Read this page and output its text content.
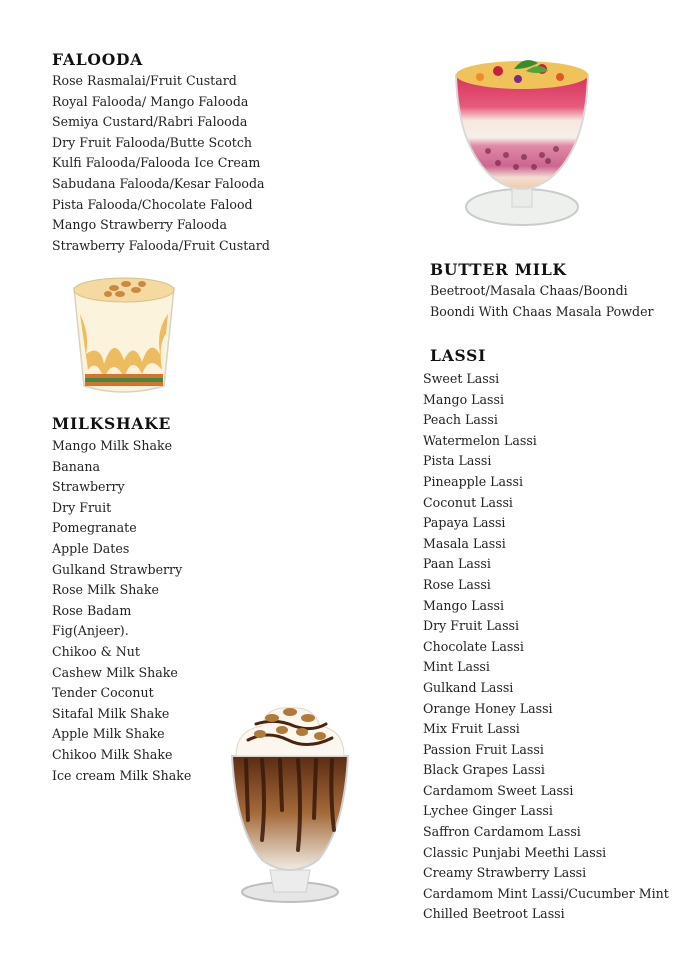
FALOODA
Rose Rasmalai/Fruit Custard
Royal Falooda/ Mango Falooda
Semiya Custard/Rabri Falooda
Dry Fruit Falooda/Butte Scotch
Kulfi Falooda/Falooda Ice Cream
Sabudana Falooda/Kesar Falooda
Pista Falooda/Chocolate Falood
Mango Strawberry Falooda
Strawberry Falooda/Fruit Custard
BUTTER MILK
Beetroot/Masala Chaas/Boondi
Boondi With Chaas Masala Powder
LASSI
Sweet Lassi
Mango Lassi
Peach Lassi
Watermelon Lassi
Pista Lassi
Pineapple Lassi
Coconut Lassi
Papaya Lassi
Masala Lassi
Paan Lassi
Rose Lassi
Mango Lassi
Dry Fruit Lassi
Chocolate Lassi
Mint Lassi
Gulkand Lassi
Orange Honey Lassi
Mix Fruit Lassi
Passion Fruit Lassi
Black Grapes Lassi
Cardamom Sweet Lassi
Lychee Ginger Lassi
Saffron Cardamom Lassi
Classic Punjabi Meethi Lassi
Creamy Strawberry Lassi
Cardamom Mint Lassi/Cucumber Mint
Chilled Beetroot Lassi
MILKSHAKE
Mango Milk Shake
Banana
Strawberry
Dry Fruit
Pomegranate
Apple Dates
Gulkand Strawberry
Rose Milk Shake
Rose Badam
Fig(Anjeer).
Chikoo & Nut
Cashew Milk Shake
Tender Coconut
Sitafal Milk Shake
Apple Milk Shake
Chikoo Milk Shake
Ice cream Milk Shake
